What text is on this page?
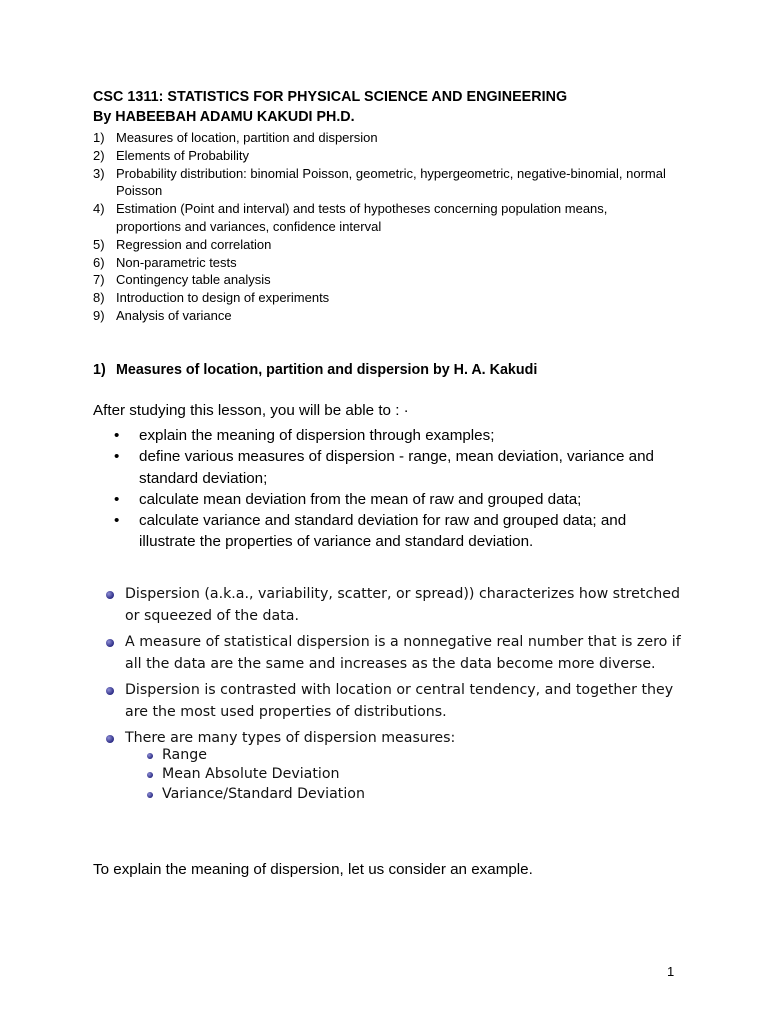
CSC 1311: STATISTICS FOR PHYSICAL SCIENCE AND ENGINEERING
By HABEEBAH ADAMU KAKUDI PH.D.
1) Measures of location, partition and dispersion
2) Elements of Probability
3) Probability distribution: binomial Poisson, geometric, hypergeometric, negative-binomial, normal Poisson
4) Estimation (Point and interval) and tests of hypotheses concerning population means, proportions and variances, confidence interval
5) Regression and correlation
6) Non-parametric tests
7) Contingency table analysis
8) Introduction to design of experiments
9) Analysis of variance
1) Measures of location, partition and dispersion by H. A. Kakudi
After studying this lesson, you will be able to : ·
• explain the meaning of dispersion through examples;
• define various measures of dispersion - range, mean deviation, variance and standard deviation;
• calculate mean deviation from the mean of raw and grouped data;
• calculate variance and standard deviation for raw and grouped data; and illustrate the properties of variance and standard deviation.
Dispersion (a.k.a., variability, scatter, or spread)) characterizes how stretched or squeezed of the data.
A measure of statistical dispersion is a nonnegative real number that is zero if all the data are the same and increases as the data become more diverse.
Dispersion is contrasted with location or central tendency, and together they are the most used properties of distributions.
There are many types of dispersion measures:
Range
Mean Absolute Deviation
Variance/Standard Deviation
To explain the meaning of dispersion, let us consider an example.
1
